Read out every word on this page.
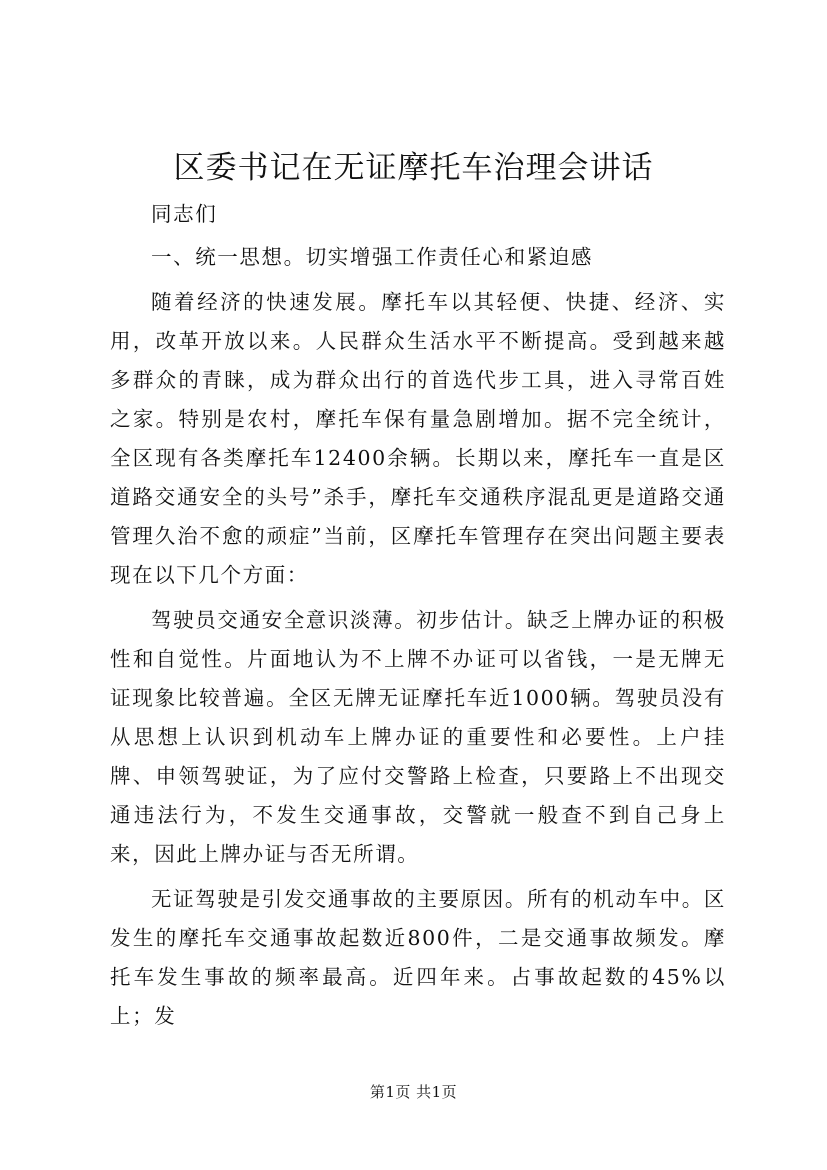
区委书记在无证摩托车治理会讲话

同志们

一、统一思想。切实增强工作责任心和紧迫感

随着经济的快速发展。摩托车以其轻便、快捷、经济、实用，改革开放以来。人民群众生活水平不断提高。受到越来越多群众的青睐，成为群众出行的首选代步工具，进入寻常百姓之家。特别是农村，摩托车保有量急剧增加。据不完全统计，全区现有各类摩托车12400余辆。长期以来，摩托车一直是区道路交通安全的头号”杀手，摩托车交通秩序混乱更是道路交通管理久治不愈的顽症”当前，区摩托车管理存在突出问题主要表现在以下几个方面：

驾驶员交通安全意识淡薄。初步估计。缺乏上牌办证的积极性和自觉性。片面地认为不上牌不办证可以省钱，一是无牌无证现象比较普遍。全区无牌无证摩托车近1000辆。驾驶员没有从思想上认识到机动车上牌办证的重要性和必要性。上户挂牌、申领驾驶证，为了应付交警路上检查，只要路上不出现交通违法行为，不发生交通事故，交警就一般查不到自己身上来，因此上牌办证与否无所谓。

无证驾驶是引发交通事故的主要原因。所有的机动车中。区发生的摩托车交通事故起数近800件，二是交通事故频发。摩托车发生事故的频率最高。近四年来。占事故起数的45%以上；发

第1页 共1页
